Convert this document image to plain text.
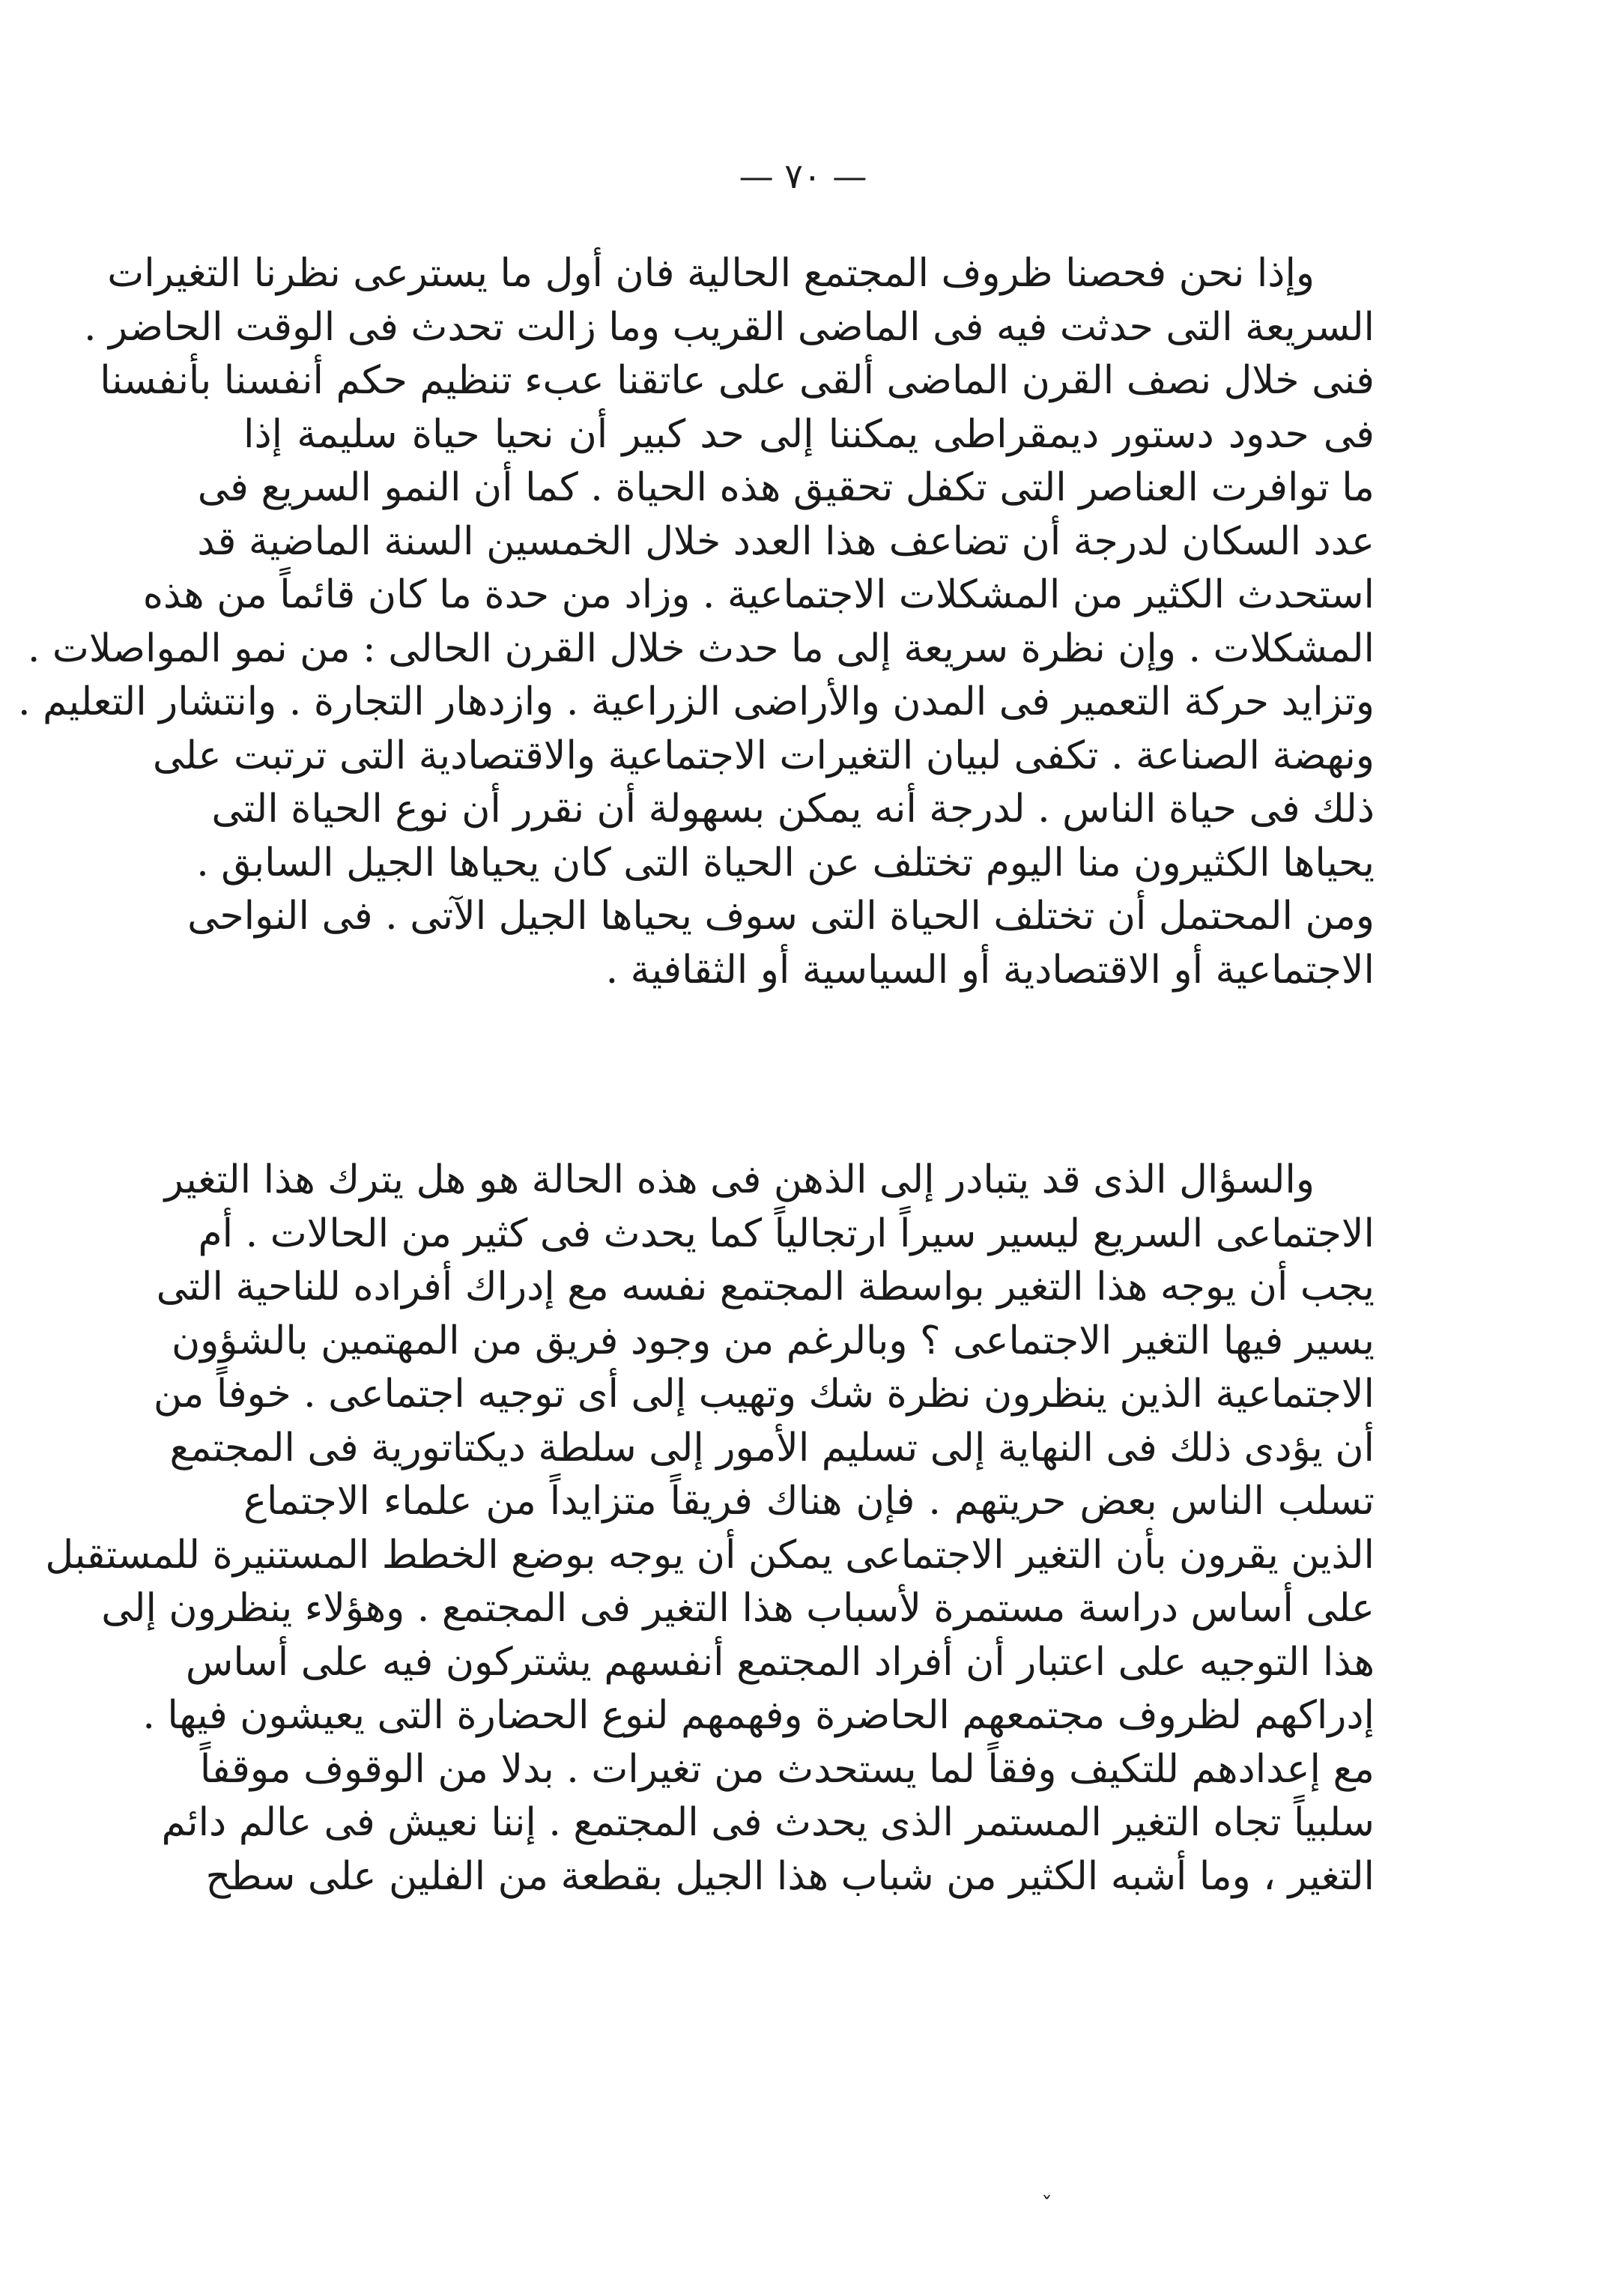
— ٧٠ —
وإذا نحن فحصنا ظروف المجتمع الحالية فان أول ما يسترعى نظرنا التغيرات
السريعة التى حدثت فيه فى الماضى القريب وما زالت تحدث فى الوقت الحاضر .
فنى خلال نصف القرن الماضى ألقى على عاتقنا عبء تنظيم حكم أنفسنا بأنفسنا
فى حدود دستور ديمقراطى يمكننا إلى حد كبير أن نحيا حياة سليمة إذا
ما توافرت العناصر التى تكفل تحقيق هذه الحياة . كما أن النمو السريع فى
عدد السكان لدرجة أن تضاعف هذا العدد خلال الخمسين السنة الماضية قد
استحدث الكثير من المشكلات الاجتماعية . وزاد من حدة ما كان قائماً من هذه
المشكلات . وإن نظرة سريعة إلى ما حدث خلال القرن الحالى : من نمو المواصلات .
وتزايد حركة التعمير فى المدن والأراضى الزراعية . وازدهار التجارة . وانتشار التعليم .
ونهضة الصناعة . تكفى لبيان التغيرات الاجتماعية والاقتصادية التى ترتبت على
ذلك فى حياة الناس . لدرجة أنه يمكن بسهولة أن نقرر أن نوع الحياة التى
يحياها الكثيرون منا اليوم تختلف عن الحياة التى كان يحياها الجيل السابق .
ومن المحتمل أن تختلف الحياة التى سوف يحياها الجيل الآتى . فى النواحى
الاجتماعية أو الاقتصادية أو السياسية أو الثقافية .
والسؤال الذى قد يتبادر إلى الذهن فى هذه الحالة هو هل يترك هذا التغير
الاجتماعى السريع ليسير سيراً ارتجالياً كما يحدث فى كثير من الحالات . أم
يجب أن يوجه هذا التغير بواسطة المجتمع نفسه مع إدراك أفراده للناحية التى
يسير فيها التغير الاجتماعى ؟ وبالرغم من وجود فريق من المهتمين بالشؤون
الاجتماعية الذين ينظرون نظرة شك وتهيب إلى أى توجيه اجتماعى . خوفاً من
أن يؤدى ذلك فى النهاية إلى تسليم الأمور إلى سلطة ديكتاتورية فى المجتمع
تسلب الناس بعض حريتهم . فإن هناك فريقاً متزايداً من علماء الاجتماع
الذين يقرون بأن التغير الاجتماعى يمكن أن يوجه بوضع الخطط المستنيرة للمستقبل
على أساس دراسة مستمرة لأسباب هذا التغير فى المجتمع . وهؤلاء ينظرون إلى
هذا التوجيه على اعتبار أن أفراد المجتمع أنفسهم يشتركون فيه على أساس
إدراكهم لظروف مجتمعهم الحاضرة وفهمهم لنوع الحضارة التى يعيشون فيها .
مع إعدادهم للتكيف وفقاً لما يستحدث من تغيرات . بدلا من الوقوف موقفاً
سلبياً تجاه التغير المستمر الذى يحدث فى المجتمع . إننا نعيش فى عالم دائم
التغير ، وما أشبه الكثير من شباب هذا الجيل بقطعة من الفلين على سطح
ˇ
